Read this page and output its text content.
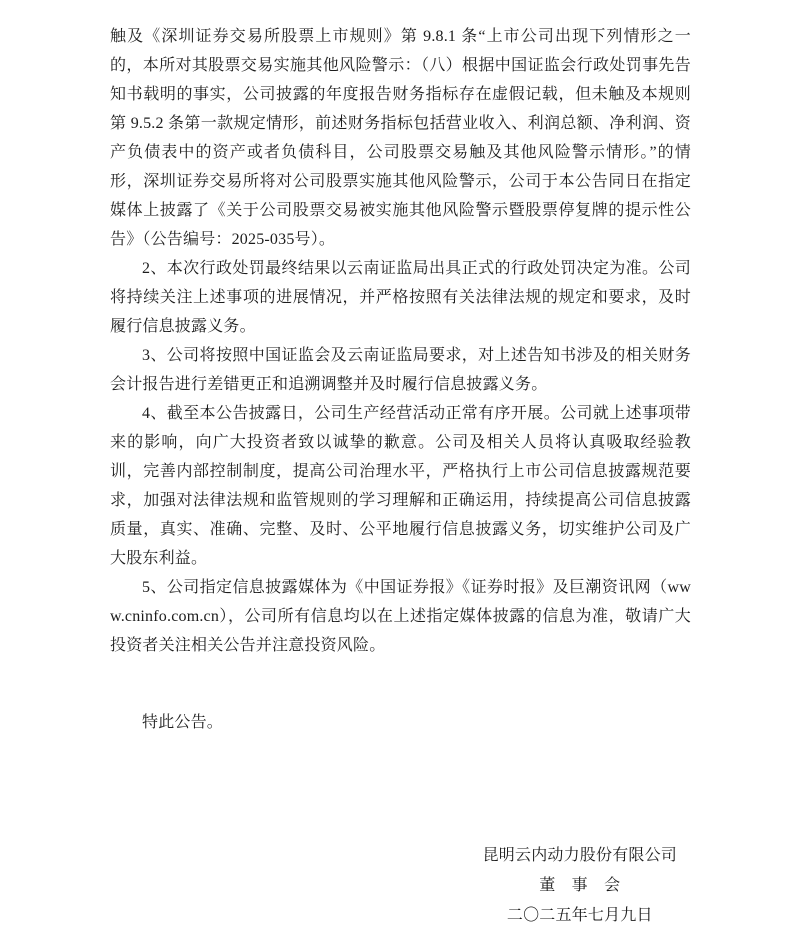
触及《深圳证券交易所股票上市规则》第 9.8.1 条“上市公司出现下列情形之一的，本所对其股票交易实施其他风险警示：（八）根据中国证监会行政处罚事先告知书载明的事实，公司披露的年度报告财务指标存在虚假记载，但未触及本规则第 9.5.2 条第一款规定情形，前述财务指标包括营业收入、利润总额、净利润、资产负债表中的资产或者负债科目，公司股票交易触及其他风险警示情形。”的情形，深圳证券交易所将对公司股票实施其他风险警示，公司于本公告同日在指定媒体上披露了《关于公司股票交易被实施其他风险警示暨股票停复牌的提示性公告》（公告编号：2025-035号）。

2、本次行政处罚最终结果以云南证监局出具正式的行政处罚决定为准。公司将持续关注上述事项的进展情况，并严格按照有关法律法规的规定和要求，及时履行信息披露义务。

3、公司将按照中国证监会及云南证监局要求，对上述告知书涉及的相关财务会计报告进行差错更正和追溯调整并及时履行信息披露义务。

4、截至本公告披露日，公司生产经营活动正常有序开展。公司就上述事项带来的影响，向广大投资者致以诚挚的歉意。公司及相关人员将认真吸取经验教训，完善内部控制制度，提高公司治理水平，严格执行上市公司信息披露规范要求，加强对法律法规和监管规则的学习理解和正确运用，持续提高公司信息披露质量，真实、准确、完整、及时、公平地履行信息披露义务，切实维护公司及广大股东利益。

5、公司指定信息披露媒体为《中国证券报》《证券时报》及巨潮资讯网（www.cninfo.com.cn），公司所有信息均以在上述指定媒体披露的信息为准，敬请广大投资者关注相关公告并注意投资风险。

特此公告。

昆明云内动力股份有限公司

董　事　会

二〇二五年七月九日
